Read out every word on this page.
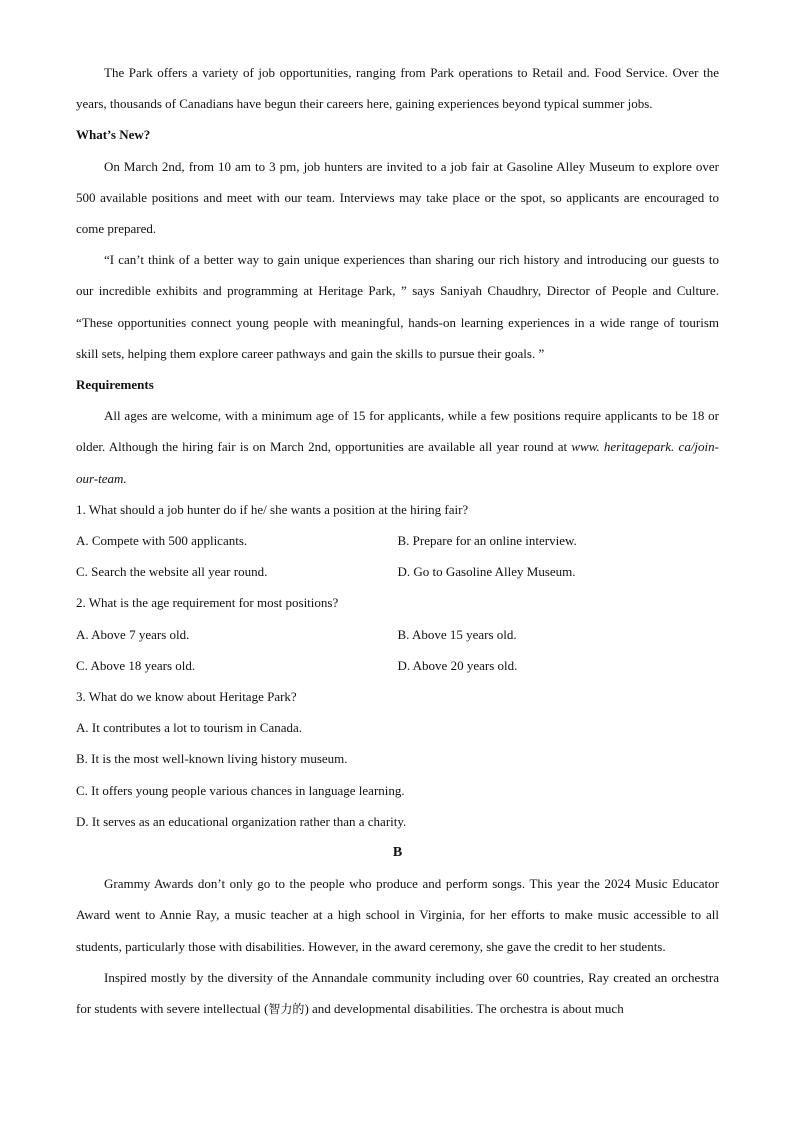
The Park offers a variety of job opportunities, ranging from Park operations to Retail and. Food Service. Over the years, thousands of Canadians have begun their careers here, gaining experiences beyond typical summer jobs.

What’s New?

On March 2nd, from 10 am to 3 pm, job hunters are invited to a job fair at Gasoline Alley Museum to explore over 500 available positions and meet with our team. Interviews may take place or the spot, so applicants are encouraged to come prepared.

“I can’t think of a better way to gain unique experiences than sharing our rich history and introducing our guests to our incredible exhibits and programming at Heritage Park, ” says Saniyah Chaudhry, Director of People and Culture. “These opportunities connect young people with meaningful, hands-on learning experiences in a wide range of tourism skill sets, helping them explore career pathways and gain the skills to pursue their goals. ”

Requirements

All ages are welcome, with a minimum age of 15 for applicants, while a few positions require applicants to be 18 or older. Although the hiring fair is on March 2nd, opportunities are available all year round at www. heritagepark. ca/join-our-team.

1. What should a job hunter do if he/ she wants a position at the hiring fair?

A. Compete with 500 applicants.	B. Prepare for an online interview.
C. Search the website all year round.	D. Go to Gasoline Alley Museum.

2. What is the age requirement for most positions?

A. Above 7 years old.	B. Above 15 years old.
C. Above 18 years old.	D. Above 20 years old.

3. What do we know about Heritage Park?

A. It contributes a lot to tourism in Canada.

B. It is the most well-known living history museum.

C. It offers young people various chances in language learning.

D. It serves as an educational organization rather than a charity.

B

Grammy Awards don’t only go to the people who produce and perform songs. This year the 2024 Music Educator Award went to Annie Ray, a music teacher at a high school in Virginia, for her efforts to make music accessible to all students, particularly those with disabilities. However, in the award ceremony, she gave the credit to her students.

Inspired mostly by the diversity of the Annandale community including over 60 countries, Ray created an orchestra for students with severe intellectual (智力的) and developmental disabilities. The orchestra is about much
